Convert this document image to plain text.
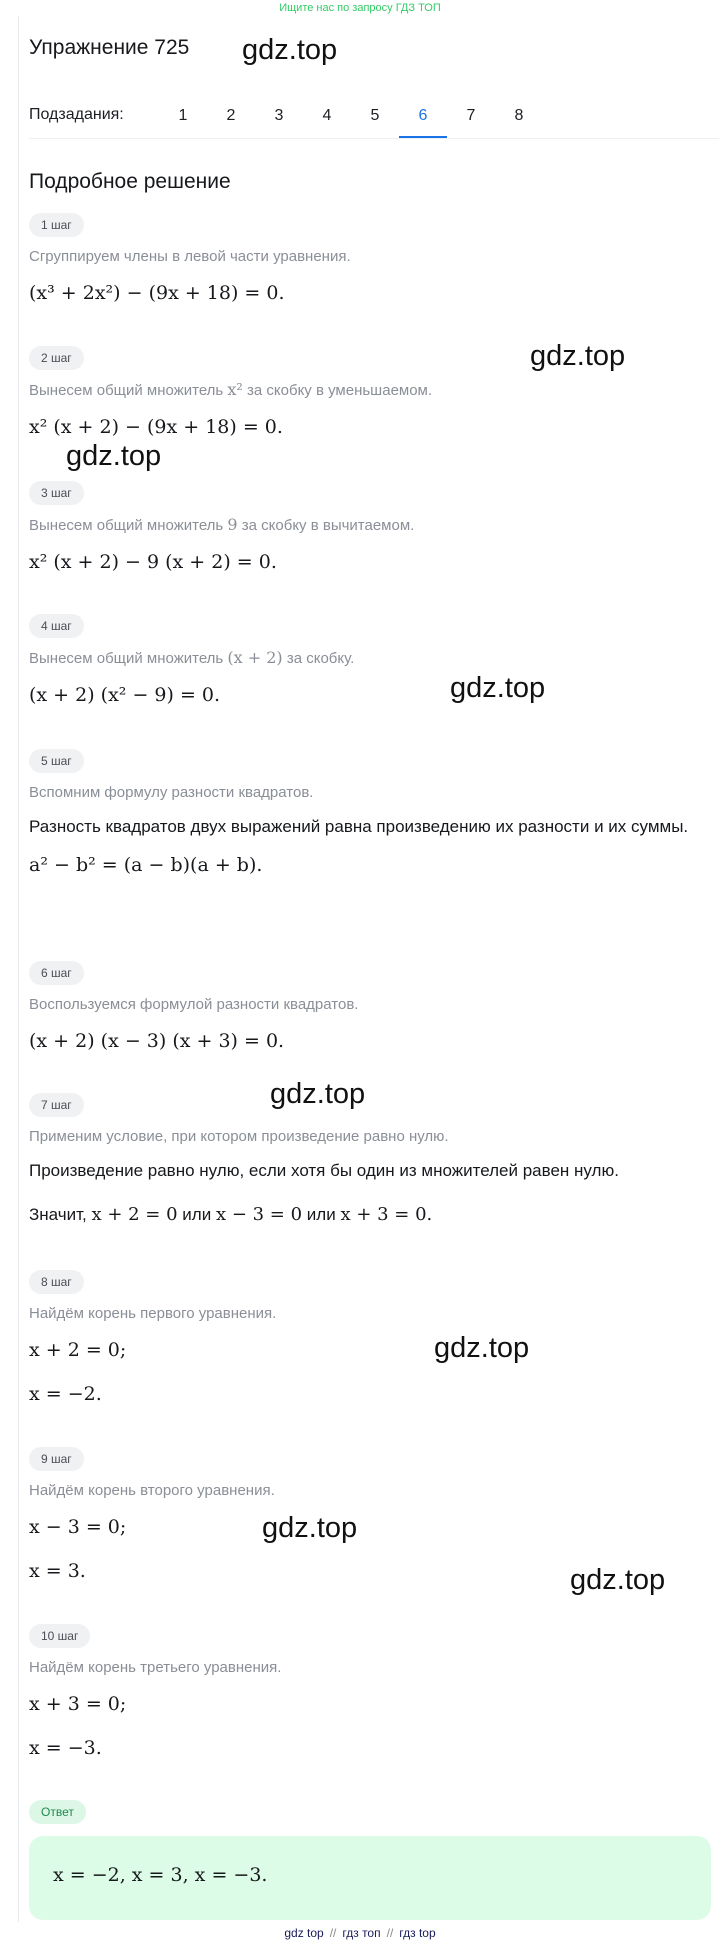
Ищите нас по запросу ГДЗ ТОП
Упражнение 725
Подзадания:	1	2	3	4	5	6	7	8
Подробное решение
1 шаг
Сгруппируем члены в левой части уравнения.
(x³ + 2x²) − (9x + 18) = 0.
2 шаг
Вынесем общий множитель x² за скобку в уменьшаемом.
x² (x + 2) − (9x + 18) = 0.
3 шаг
Вынесем общий множитель 9 за скобку в вычитаемом.
x² (x + 2) − 9 (x + 2) = 0.
4 шаг
Вынесем общий множитель (x + 2) за скобку.
(x + 2) (x² − 9) = 0.
5 шаг
Вспомним формулу разности квадратов.
Разность квадратов двух выражений равна произведению их разности и их суммы.
a² − b² = (a − b)(a + b).
6 шаг
Воспользуемся формулой разности квадратов.
(x + 2) (x − 3) (x + 3) = 0.
7 шаг
Применим условие, при котором произведение равно нулю.
Произведение равно нулю, если хотя бы один из множителей равен нулю.
Значит, x + 2 = 0 или x − 3 = 0 или x + 3 = 0.
8 шаг
Найдём корень первого уравнения.
x + 2 = 0;
x = −2.
9 шаг
Найдём корень второго уравнения.
x − 3 = 0;
x = 3.
10 шаг
Найдём корень третьего уравнения.
x + 3 = 0;
x = −3.
Ответ
x = −2, x = 3, x = −3.
gdz.top
gdz.top
gdz.top
gdz.top
gdz.top
gdz.top
gdz.top
gdz.top
gdz top // гдз топ // гдз top
